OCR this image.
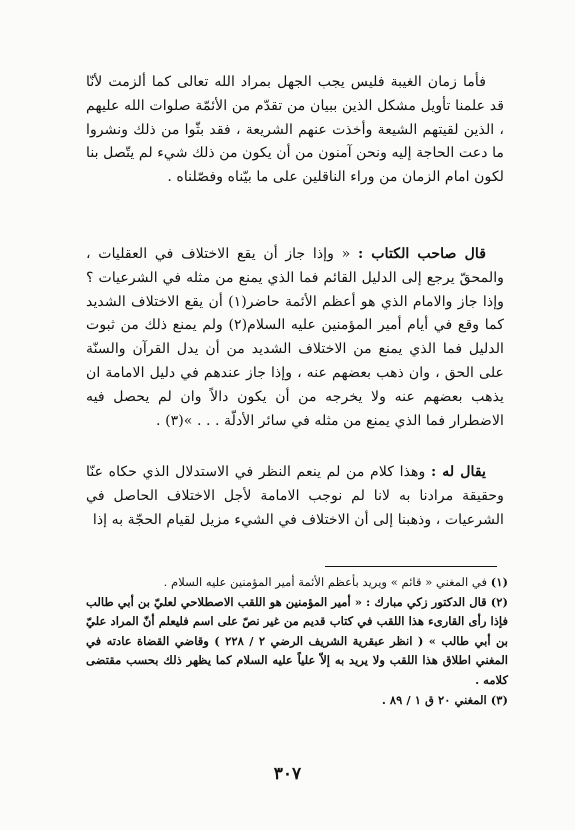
فأما زمان الغيبة فليس يجب الجهل بمراد الله تعالى كما ألزمت لأنّا قد علمنا تأويل مشكل الذين ببيان من تقدّم من الأئمّة صلوات الله عليهم ، الذين لقيتهم الشيعة وأخذت عنهم الشريعة ، فقد بثّوا من ذلك ونشروا ما دعت الحاجة إليه ونحن آمنون من أن يكون من ذلك شيء لم يتّصل بنا لكون امام الزمان من وراء الناقلين على ما بيّناه وفصّلناه .

قال صاحب الكتاب : « وإذا جاز أن يقع الاختلاف في العقليات ، والمحقّ يرجع إلى الدليل القائم فما الذي يمنع من مثله في الشرعيات ؟ وإذا جاز والامام الذي هو أعظم الأئمة حاضر(١) أن يقع الاختلاف الشديد كما وقع في أيام أمير المؤمنين عليه السلام(٢) ولم يمنع ذلك من ثبوت الدليل فما الذي يمنع من الاختلاف الشديد من أن يدل القرآن والسنّة على الحق ، وان ذهب بعضهم عنه ، وإذا جاز عندهم في دليل الامامة ان يذهب بعضهم عنه ولا يخرجه من أن يكون دالاً وان لم يحصل فيه الاضطرار فما الذي يمنع من مثله في سائر الأدلّة . . . »(٣) .

يقال له : وهذا كلام من لم ينعم النظر في الاستدلال الذي حكاه عنّا وحقيقة مرادنا به لانا لم نوجب الامامة لأجل الاختلاف الحاصل في الشرعيات ، وذهبنا إلى أن الاختلاف في الشيء مزيل لقيام الحجّة به إذا

(١) في المغني « قائم » ويريد بأعظم الأئمة أمير المؤمنين عليه السلام .

(٢) قال الدكتور زكي مبارك : « أمير المؤمنين هو اللقب الاصطلاحي لعليّ بن أبي طالب فإذا رأى القارىء هذا اللقب في كتاب قديم من غير نصّ على اسم فليعلم أنّ المراد عليّ بن أبي طالب » ( انظر عبقرية الشريف الرضي ٢ / ٢٢٨ ) وقاضي القضاة عادته في المغني اطلاق هذا اللقب ولا يريد به إلاّ علياً عليه السلام كما يظهر ذلك بحسب مقتضى كلامه .

(٣) المغني ٢٠ ق ١ / ٨٩ .

٣٠٧
